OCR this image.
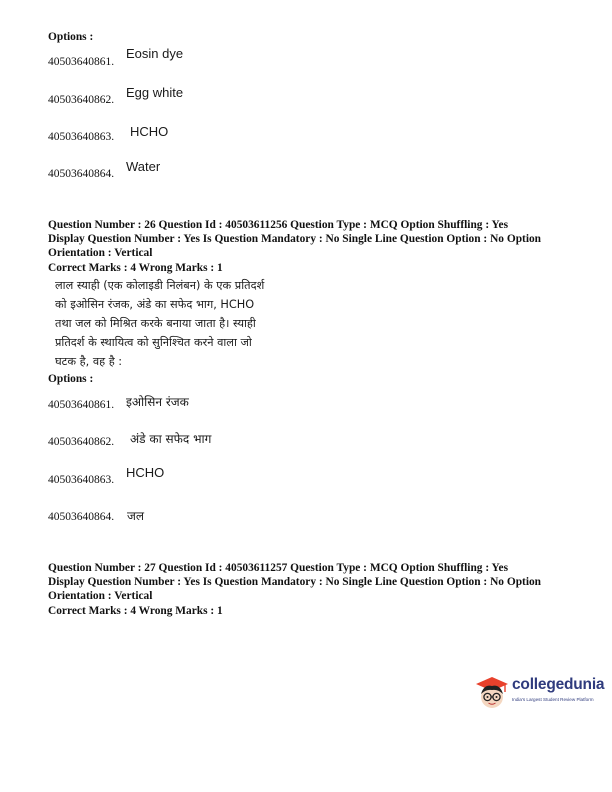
Options :
40503640861.
Eosin dye
40503640862. Egg white
40503640863. HCHO
40503640864. Water
Question Number : 26 Question Id : 40503611256 Question Type : MCQ Option Shuffling : Yes
Display Question Number : Yes Is Question Mandatory : No Single Line Question Option : No Option
Orientation : Vertical
Correct Marks : 4 Wrong Marks : 1
लाल स्याही (एक कोलाइडी निलंबन) के एक प्रतिदर्श
को इओसिन रंजक, अंडे का सफेद भाग, HCHO
तथा जल को मिश्रित करके बनाया जाता है। स्याही
प्रतिदर्श के स्थायित्व को सुनिश्चित करने वाला जो
घटक है, वह है :
Options :
40503640861. इओसिन रंजक
40503640862. अंडे का सफेद भाग
40503640863. HCHO
40503640864. जल
Question Number : 27 Question Id : 40503611257 Question Type : MCQ Option Shuffling : Yes
Display Question Number : Yes Is Question Mandatory : No Single Line Question Option : No Option
Orientation : Vertical
Correct Marks : 4 Wrong Marks : 1
collegedunia
India's Largest Student Review Platform
